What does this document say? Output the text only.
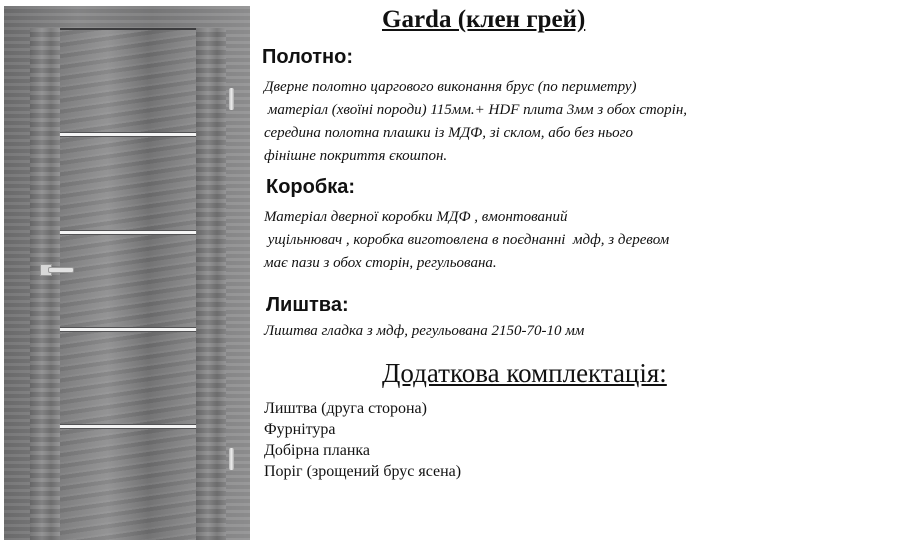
Garda (клен грей)
Полотно:
Дверне полотно царгового виконання брус (по периметру)
матеріал (хвоїні породи) 115мм.+ HDF плита 3мм з обох сторін,
середина полотна плашки із МДФ, зі склом, або без нього
фінішне покриття єкошпон.
Коробка:
Матеріал дверної коробки МДФ , вмонтований
ущільнювач , коробка виготовлена в поєднанні  мдф, з деревом
має пази з обох сторін, регульована.
Лиштва:
Лиштва гладка з мдф, регульована 2150-70-10 мм
Додаткова комплектація:
Лиштва (друга сторона)
Фурнітура
Добірна планка
Поріг (зрощений брус ясена)
